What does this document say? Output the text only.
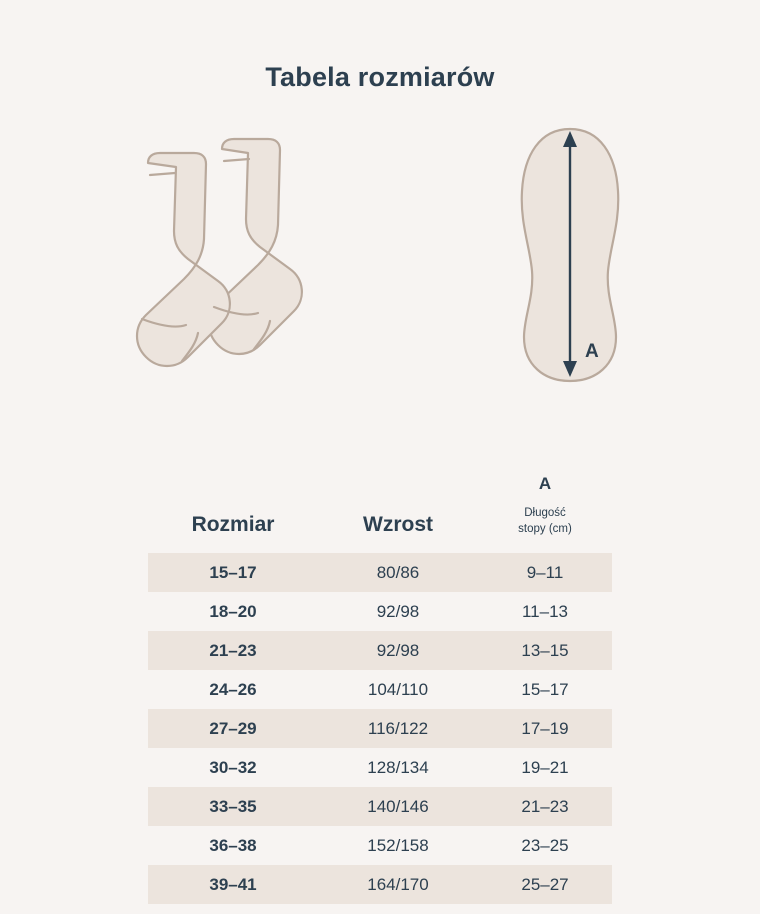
Tabela rozmiarów
A
Rozmiar	Wzrost	A
Długość
stopy (cm)

15–17	80/86	9–11
18–20	92/98	11–13
21–23	92/98	13–15
24–26	104/110	15–17
27–29	116/122	17–19
30–32	128/134	19–21
33–35	140/146	21–23
36–38	152/158	23–25
39–41	164/170	25–27
